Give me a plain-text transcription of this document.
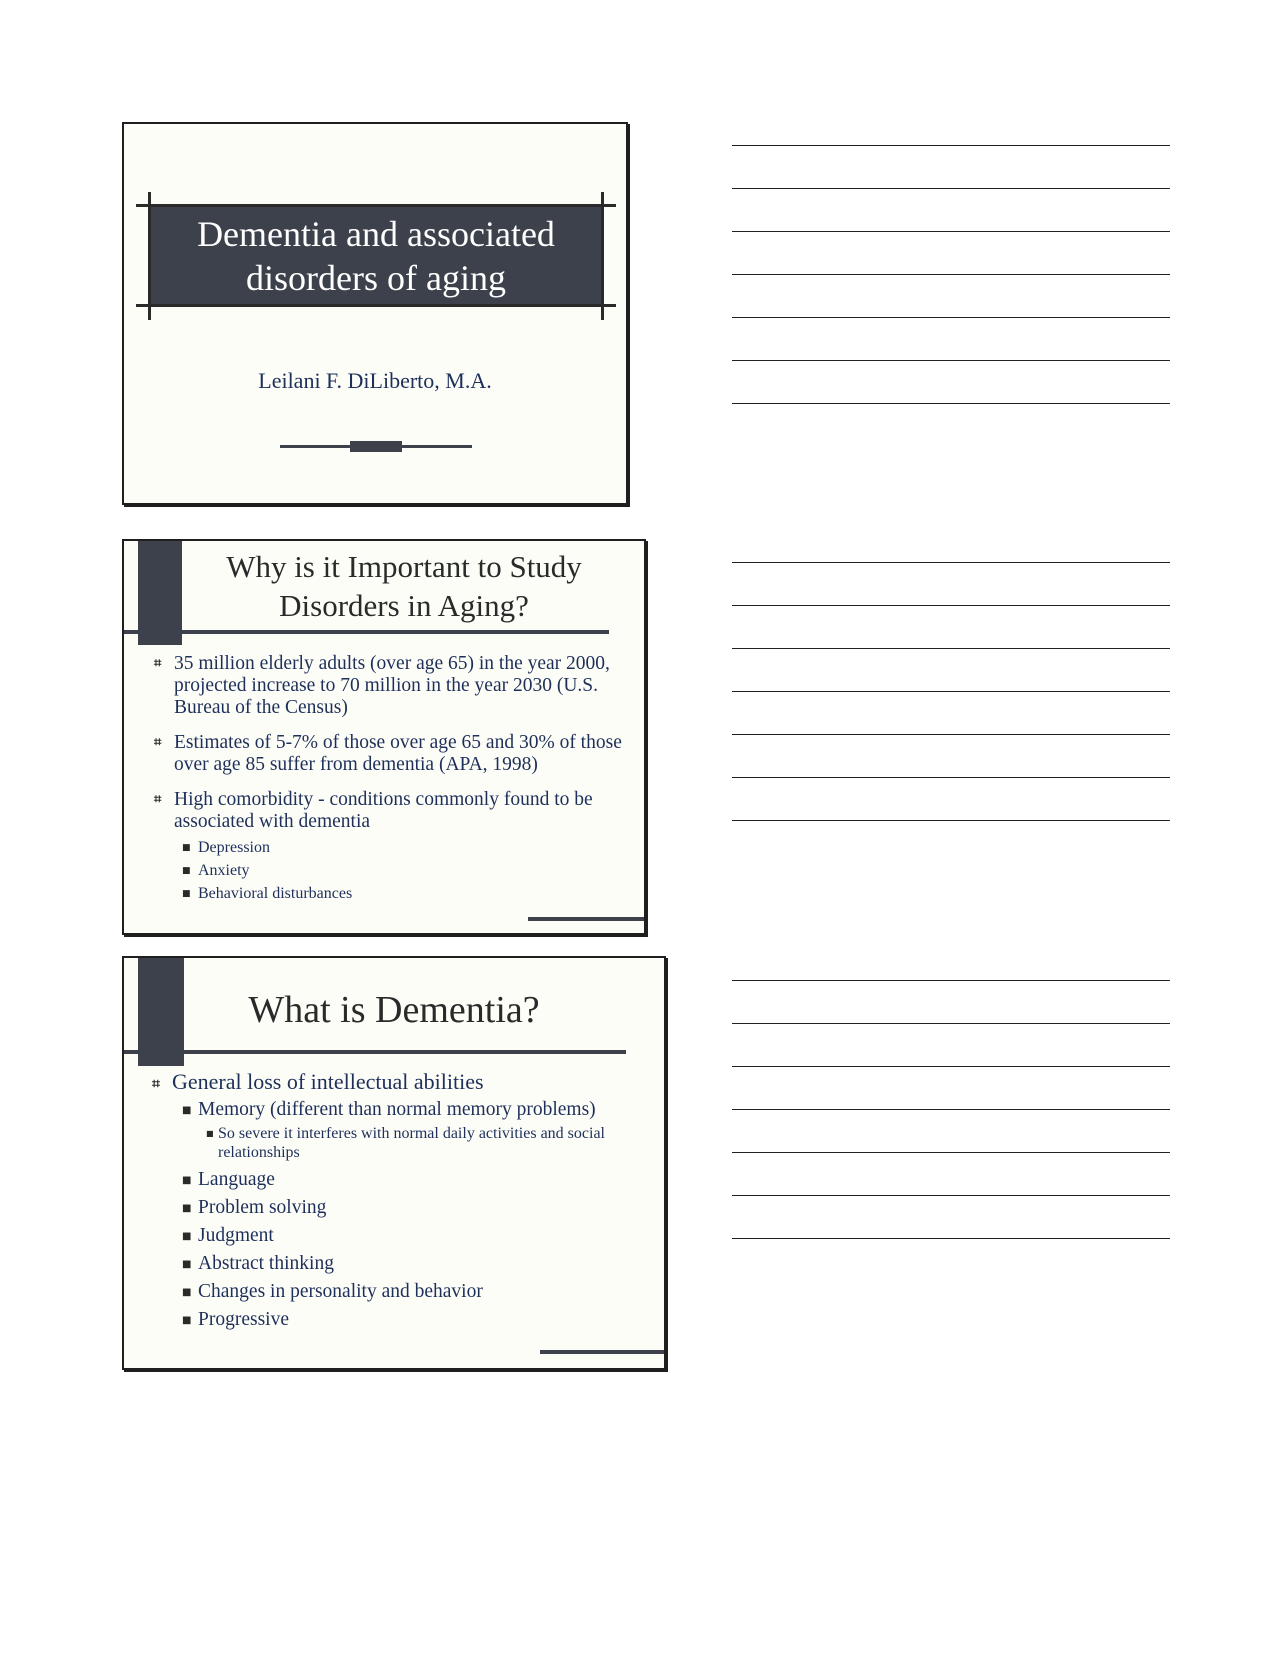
Dementia and associated
disorders of aging
Leilani F. DiLiberto, M.A.
Why is it Important to Study
Disorders in Aging?
⌗ 35 million elderly adults (over age 65) in the year 2000, projected increase to 70 million in the year 2030 (U.S. Bureau of the Census)
⌗ Estimates of 5-7% of those over age 65 and 30% of those over age 85 suffer from dementia (APA, 1998)
⌗ High comorbidity - conditions commonly found to be associated with dementia
■ Depression
■ Anxiety
■ Behavioral disturbances
What is Dementia?
⌗ General loss of intellectual abilities
■ Memory (different than normal memory problems)
■ So severe it interferes with normal daily activities and social relationships
■ Language
■ Problem solving
■ Judgment
■ Abstract thinking
■ Changes in personality and behavior
■ Progressive
